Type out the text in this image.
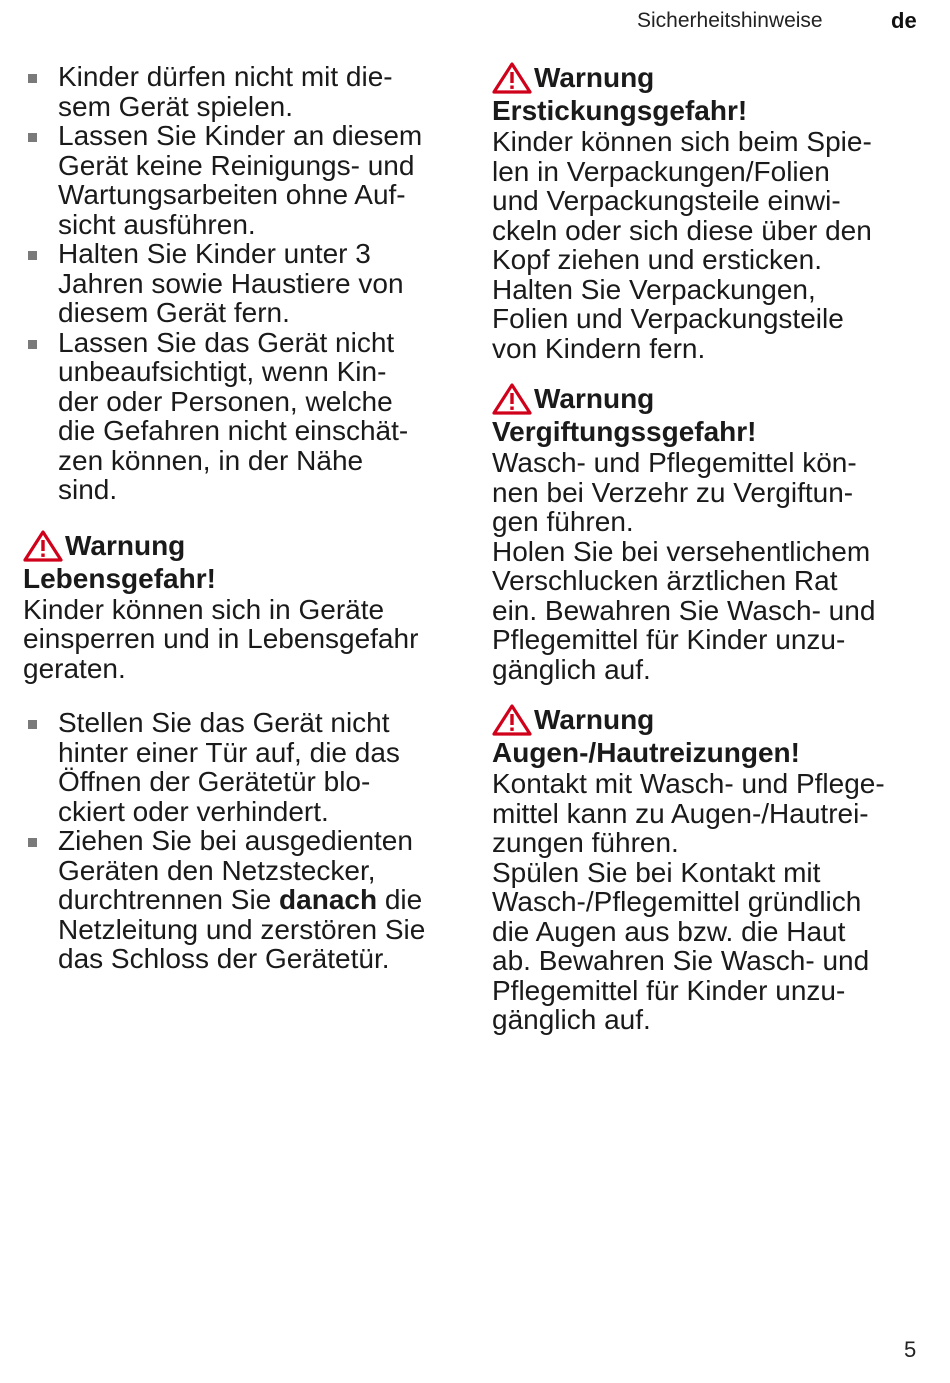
Sicherheitshinweise	de
Kinder dürfen nicht mit die-
sem Gerät spielen.
Lassen Sie Kinder an diesem
Gerät keine Reinigungs- und
Wartungsarbeiten ohne Auf-
sicht ausführen.
Halten Sie Kinder unter 3
Jahren sowie Haustiere von
diesem Gerät fern.
Lassen Sie das Gerät nicht
unbeaufsichtigt, wenn Kin-
der oder Personen, welche
die Gefahren nicht einschät-
zen können, in der Nähe
sind.
Warnung
Lebensgefahr!
Kinder können sich in Geräte
einsperren und in Lebensgefahr
geraten.
Stellen Sie das Gerät nicht
hinter einer Tür auf, die das
Öffnen der Gerätetür blo-
ckiert oder verhindert.
Ziehen Sie bei ausgedienten
Geräten den Netzstecker,
durchtrennen Sie danach die
Netzleitung und zerstören Sie
das Schloss der Gerätetür.
Warnung
Erstickungsgefahr!
Kinder können sich beim Spie-
len in Verpackungen/Folien
und Verpackungsteile einwi-
ckeln oder sich diese über den
Kopf ziehen und ersticken.
Halten Sie Verpackungen,
Folien und Verpackungsteile
von Kindern fern.
Warnung
Vergiftungssgefahr!
Wasch- und Pflegemittel kön-
nen bei Verzehr zu Vergiftun-
gen führen.
Holen Sie bei versehentlichem
Verschlucken ärztlichen Rat
ein. Bewahren Sie Wasch- und
Pflegemittel für Kinder unzu-
gänglich auf.
Warnung
Augen-/Hautreizungen!
Kontakt mit Wasch- und Pflege-
mittel kann zu Augen-/Hautrei-
zungen führen.
Spülen Sie bei Kontakt mit
Wasch-/Pflegemittel gründlich
die Augen aus bzw. die Haut
ab. Bewahren Sie Wasch- und
Pflegemittel für Kinder unzu-
gänglich auf.
5
